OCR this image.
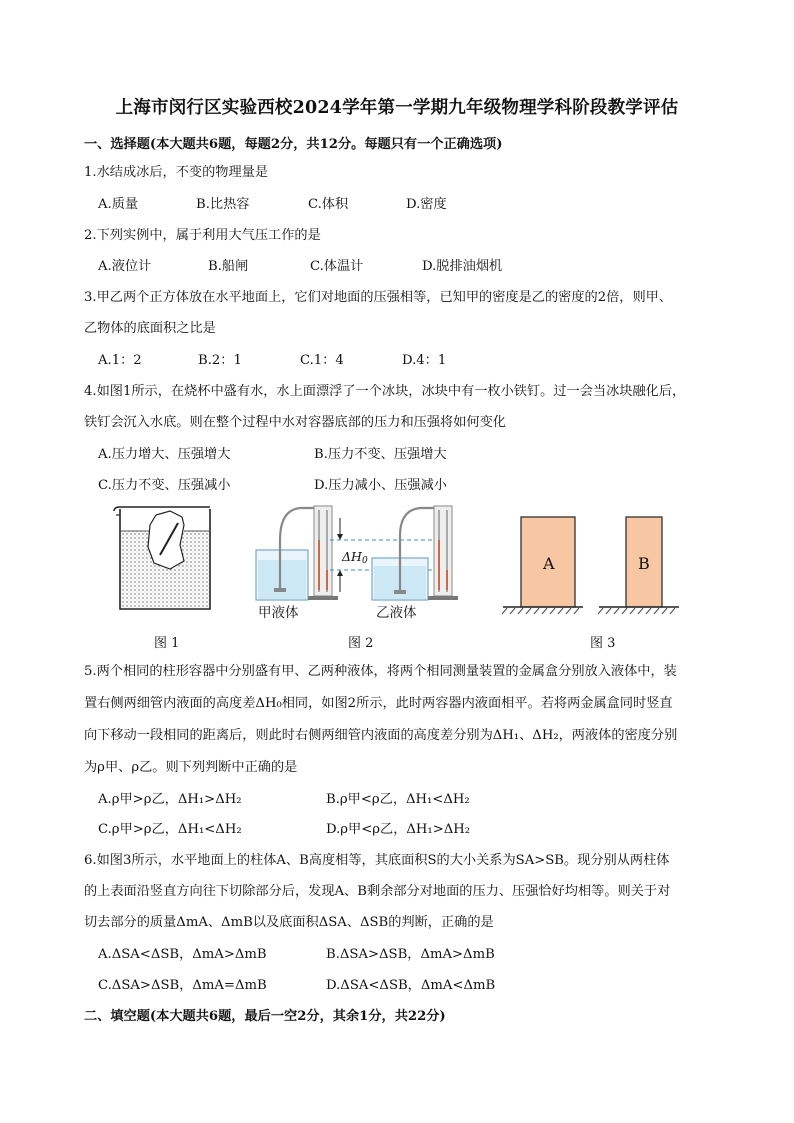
上海市闵行区实验西校2024学年第一学期九年级物理学科阶段教学评估
一、选择题(本大题共6题，每题2分，共12分。每题只有一个正确选项)
1.水结成冰后，不变的物理量是
A.质量	B.比热容	C.体积	D.密度
2.下列实例中，属于利用大气压工作的是
A.液位计	B.船闸	C.体温计	D.脱排油烟机
3.甲乙两个正方体放在水平地面上，它们对地面的压强相等，已知甲的密度是乙的密度的2倍，则甲、
乙物体的底面积之比是
A.1：2	B.2：1	C.1：4	D.4：1
4.如图1所示，在烧杯中盛有水，水上面漂浮了一个冰块，冰块中有一枚小铁钉。过一会当冰块融化后，
铁钉会沉入水底。则在整个过程中水对容器底部的压力和压强将如何变化
A.压力增大、压强增大	B.压力不变、压强增大
C.压力不变、压强减小	D.压力减小、压强减小
图 1
$\Delta H_0$
甲液体	乙液体
图 2
A	B
图 3
5.两个相同的柱形容器中分别盛有甲、乙两种液体，将两个相同测量装置的金属盒分别放入液体中，装
置右侧两细管内液面的高度差ΔH₀相同，如图2所示，此时两容器内液面相平。若将两金属盒同时竖直
向下移动一段相同的距离后，则此时右侧两细管内液面的高度差分别为ΔH₁、ΔH₂，两液体的密度分别
为ρ甲、ρ乙。则下列判断中正确的是
A.ρ甲>ρ乙，ΔH₁>ΔH₂	B.ρ甲<ρ乙，ΔH₁<ΔH₂
C.ρ甲>ρ乙，ΔH₁<ΔH₂	D.ρ甲<ρ乙，ΔH₁>ΔH₂
6.如图3所示，水平地面上的柱体A、B高度相等，其底面积S的大小关系为SA>SB。现分别从两柱体
的上表面沿竖直方向往下切除部分后，发现A、B剩余部分对地面的压力、压强恰好均相等。则关于对
切去部分的质量ΔmA、ΔmB以及底面积ΔSA、ΔSB的判断，正确的是
A.ΔSA<ΔSB，ΔmA>ΔmB	B.ΔSA>ΔSB，ΔmA>ΔmB
C.ΔSA>ΔSB，ΔmA=ΔmB	D.ΔSA<ΔSB，ΔmA<ΔmB
二、填空题(本大题共6题，最后一空2分，其余1分，共22分)
